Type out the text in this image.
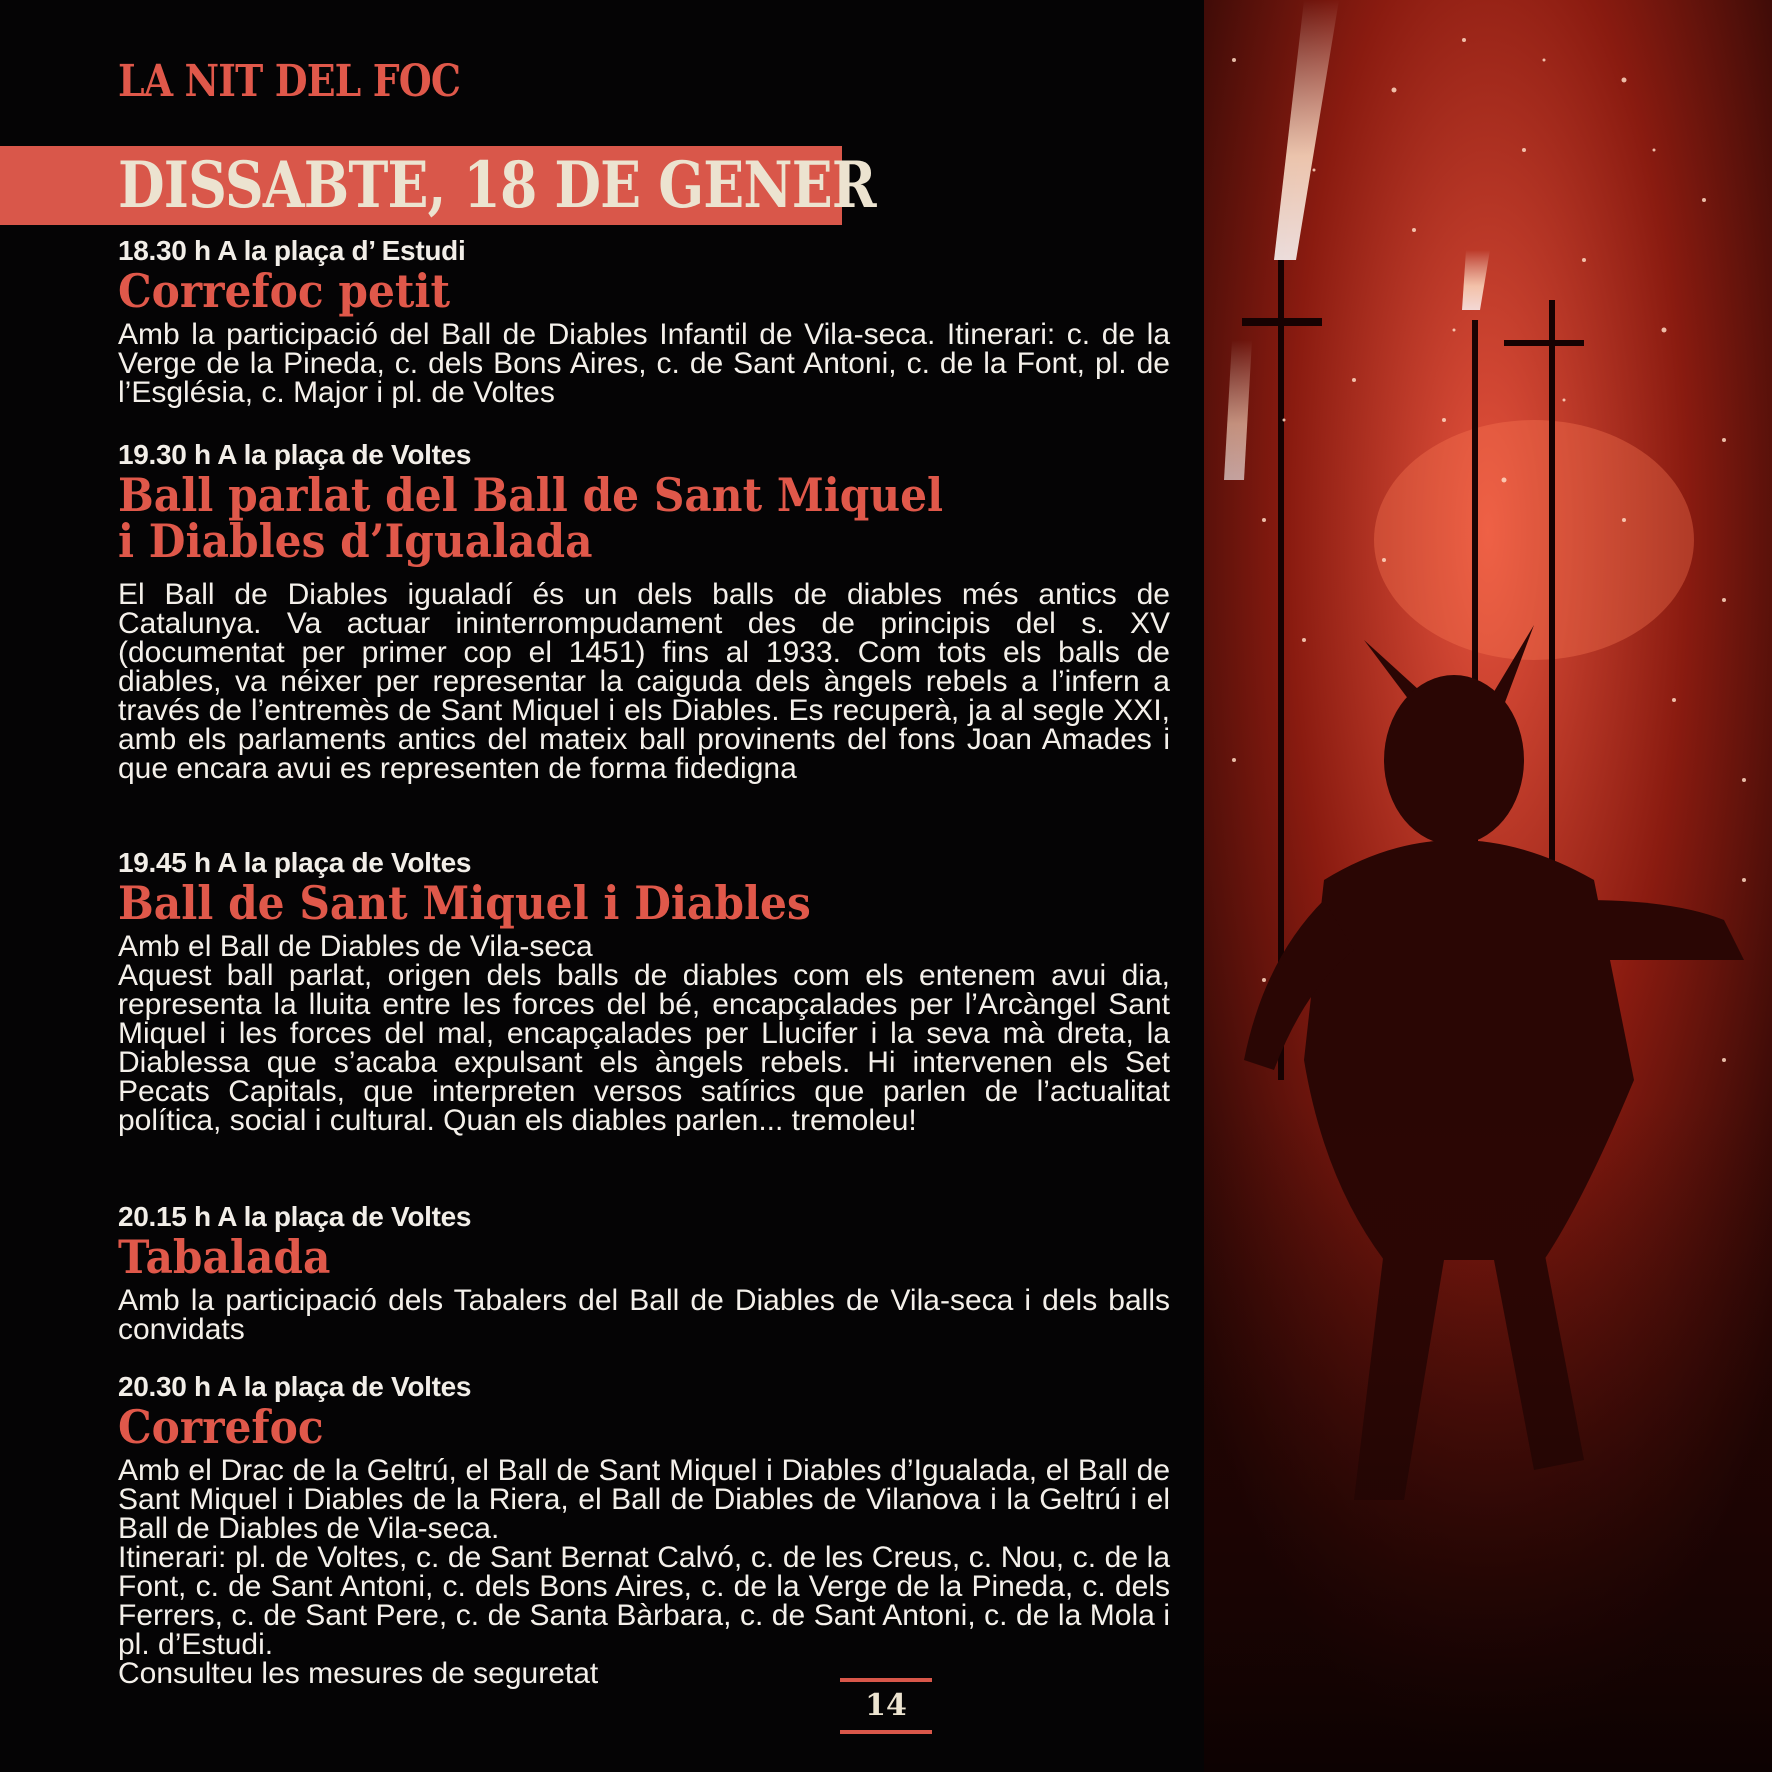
LA NIT DEL FOC
DISSABTE, 18 DE GENER
18.30 h A la plaça d’ Estudi
Correfoc petit

Amb la participació del Ball de Diables Infantil de Vila-seca. Itinerari: c. de la Verge de la Pineda, c. dels Bons Aires, c. de Sant Antoni, c. de la Font, pl. de l’Església, c. Major i pl. de Voltes

19.30 h A la plaça de Voltes
Ball parlat del Ball de Sant Miquel
i Diables d’Igualada

El Ball de Diables igualadí és un dels balls de diables més antics de Catalunya. Va actuar ininterrompudament des de principis del s. XV (documentat per primer cop el 1451) fins al 1933. Com tots els balls de diables, va néixer per representar la caiguda dels àngels rebels a l’infern a través de l’entremès de Sant Miquel i els Diables. Es recuperà, ja al segle XXI, amb els parlaments antics del mateix ball provinents del fons Joan Amades i que encara avui es representen de forma fidedigna

19.45 h A la plaça de Voltes
Ball de Sant Miquel i Diables

Amb el Ball de Diables de Vila-seca

Aquest ball parlat, origen dels balls de diables com els entenem avui dia, representa la lluita entre les forces del bé, encapçalades per l’Arcàngel Sant Miquel i les forces del mal, encapçalades per Llucifer i la seva mà dreta, la Diablessa que s’acaba expulsant els àngels rebels. Hi intervenen els Set Pecats Capitals, que interpreten versos satírics que parlen de l’actualitat política, social i cultural. Quan els diables parlen... tremoleu!

20.15 h A la plaça de Voltes
Tabalada

Amb la participació dels Tabalers del Ball de Diables de Vila-seca i dels balls convidats

20.30 h A la plaça de Voltes
Correfoc

Amb el Drac de la Geltrú, el Ball de Sant Miquel i Diables d’Igualada, el Ball de Sant Miquel i Diables de la Riera, el Ball de Diables de Vilanova i la Geltrú i el Ball de Diables de Vila-seca.

Itinerari: pl. de Voltes, c. de Sant Bernat Calvó, c. de les Creus, c. Nou, c. de la Font, c. de Sant Antoni, c. dels Bons Aires, c. de la Verge de la Pineda, c. dels Ferrers, c. de Sant Pere, c. de Santa Bàrbara, c. de Sant Antoni, c. de la Mola i pl. d’Estudi.

Consulteu les mesures de seguretat

14
